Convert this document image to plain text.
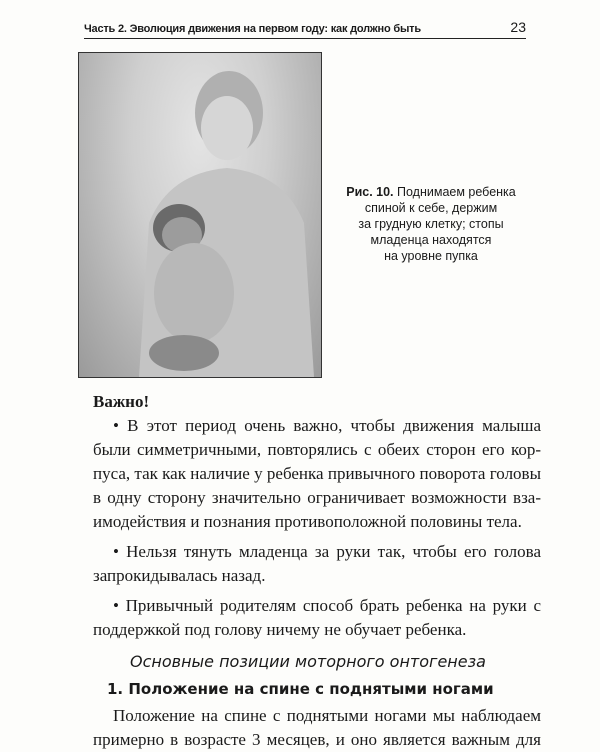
Часть 2. Эволюция движения на первом году: как должно быть	23
Рис. 10. Поднимаем ребенка
спиной к себе, держим
за грудную клетку; стопы
младенца находятся
на уровне пупка
Важно!
• В этот период очень важно, чтобы движения малыша
были симметричными, повторялись с обеих сторон его кор-
пуса, так как наличие у ребенка привычного поворота головы
в одну сторону значительно ограничивает возможности вза-
имодействия и познания противоположной половины тела.
• Нельзя тянуть младенца за руки так, чтобы его голова
запрокидывалась назад.
• Привычный родителям способ брать ребенка на руки с
поддержкой под голову ничему не обучает ребенка.
Основные позиции моторного онтогенеза
1. Положение на спине с поднятыми ногами
Положение на спине с поднятыми ногами мы наблюдаем
примерно в возрасте 3 месяцев, и оно является важным для
